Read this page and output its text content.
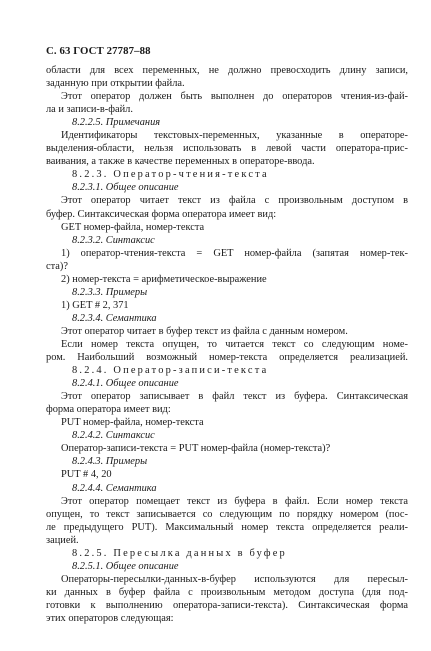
С. 63 ГОСТ 27787–88
области для всех переменных, не должно превосходить длину записи,
заданную при открытии файла.
Этот оператор должен быть выполнен до операторов чтения-из-фай-
ла и записи-в-файл.
8.2.2.5. Примечания
Идентификаторы текстовых-переменных, указанные в операторе-
выделения-области, нельзя использовать в левой части оператора-прис-
ваивания, а также в качестве переменных в операторе-ввода.
8.2.3. Оператор-чтения-текста
8.2.3.1. Общее описание
Этот оператор читает текст из файла с произвольным доступом в
буфер. Синтаксическая форма оператора имеет вид:
GET номер-файла, номер-текста
8.2.3.2. Синтаксис
1) оператор-чтения-текста = GET номер-файла (запятая номер-тек-
ста)?
2) номер-текста = арифметическое-выражение
8.2.3.3. Примеры
1) GET # 2, 371
8.2.3.4. Семантика
Этот оператор читает в буфер текст из файла с данным номером.
Если номер текста опущен, то читается текст со следующим номе-
ром. Наибольший возможный номер-текста определяется реализацией.
8.2.4. Оператор-записи-текста
8.2.4.1. Общее описание
Этот оператор записывает в файл текст из буфера. Синтаксическая
форма оператора имеет вид:
PUT номер-файла, номер-текста
8.2.4.2. Синтаксис
Оператор-записи-текста = PUT номер-файла (номер-текста)?
8.2.4.3. Примеры
PUT # 4, 20
8.2.4.4. Семантика
Этот оператор помещает текст из буфера в файл. Если номер текста
опущен, то текст записывается со следующим по порядку номером (пос-
ле предыдущего PUT). Максимальный номер текста определяется реали-
зацией.
8.2.5. Пересылка данных в буфер
8.2.5.1. Общее описание
Операторы-пересылки-данных-в-буфер используются для пересыл-
ки данных в буфер файла с произвольным методом доступа (для под-
готовки к выполнению оператора-записи-текста). Синтаксическая форма
этих операторов следующая:
